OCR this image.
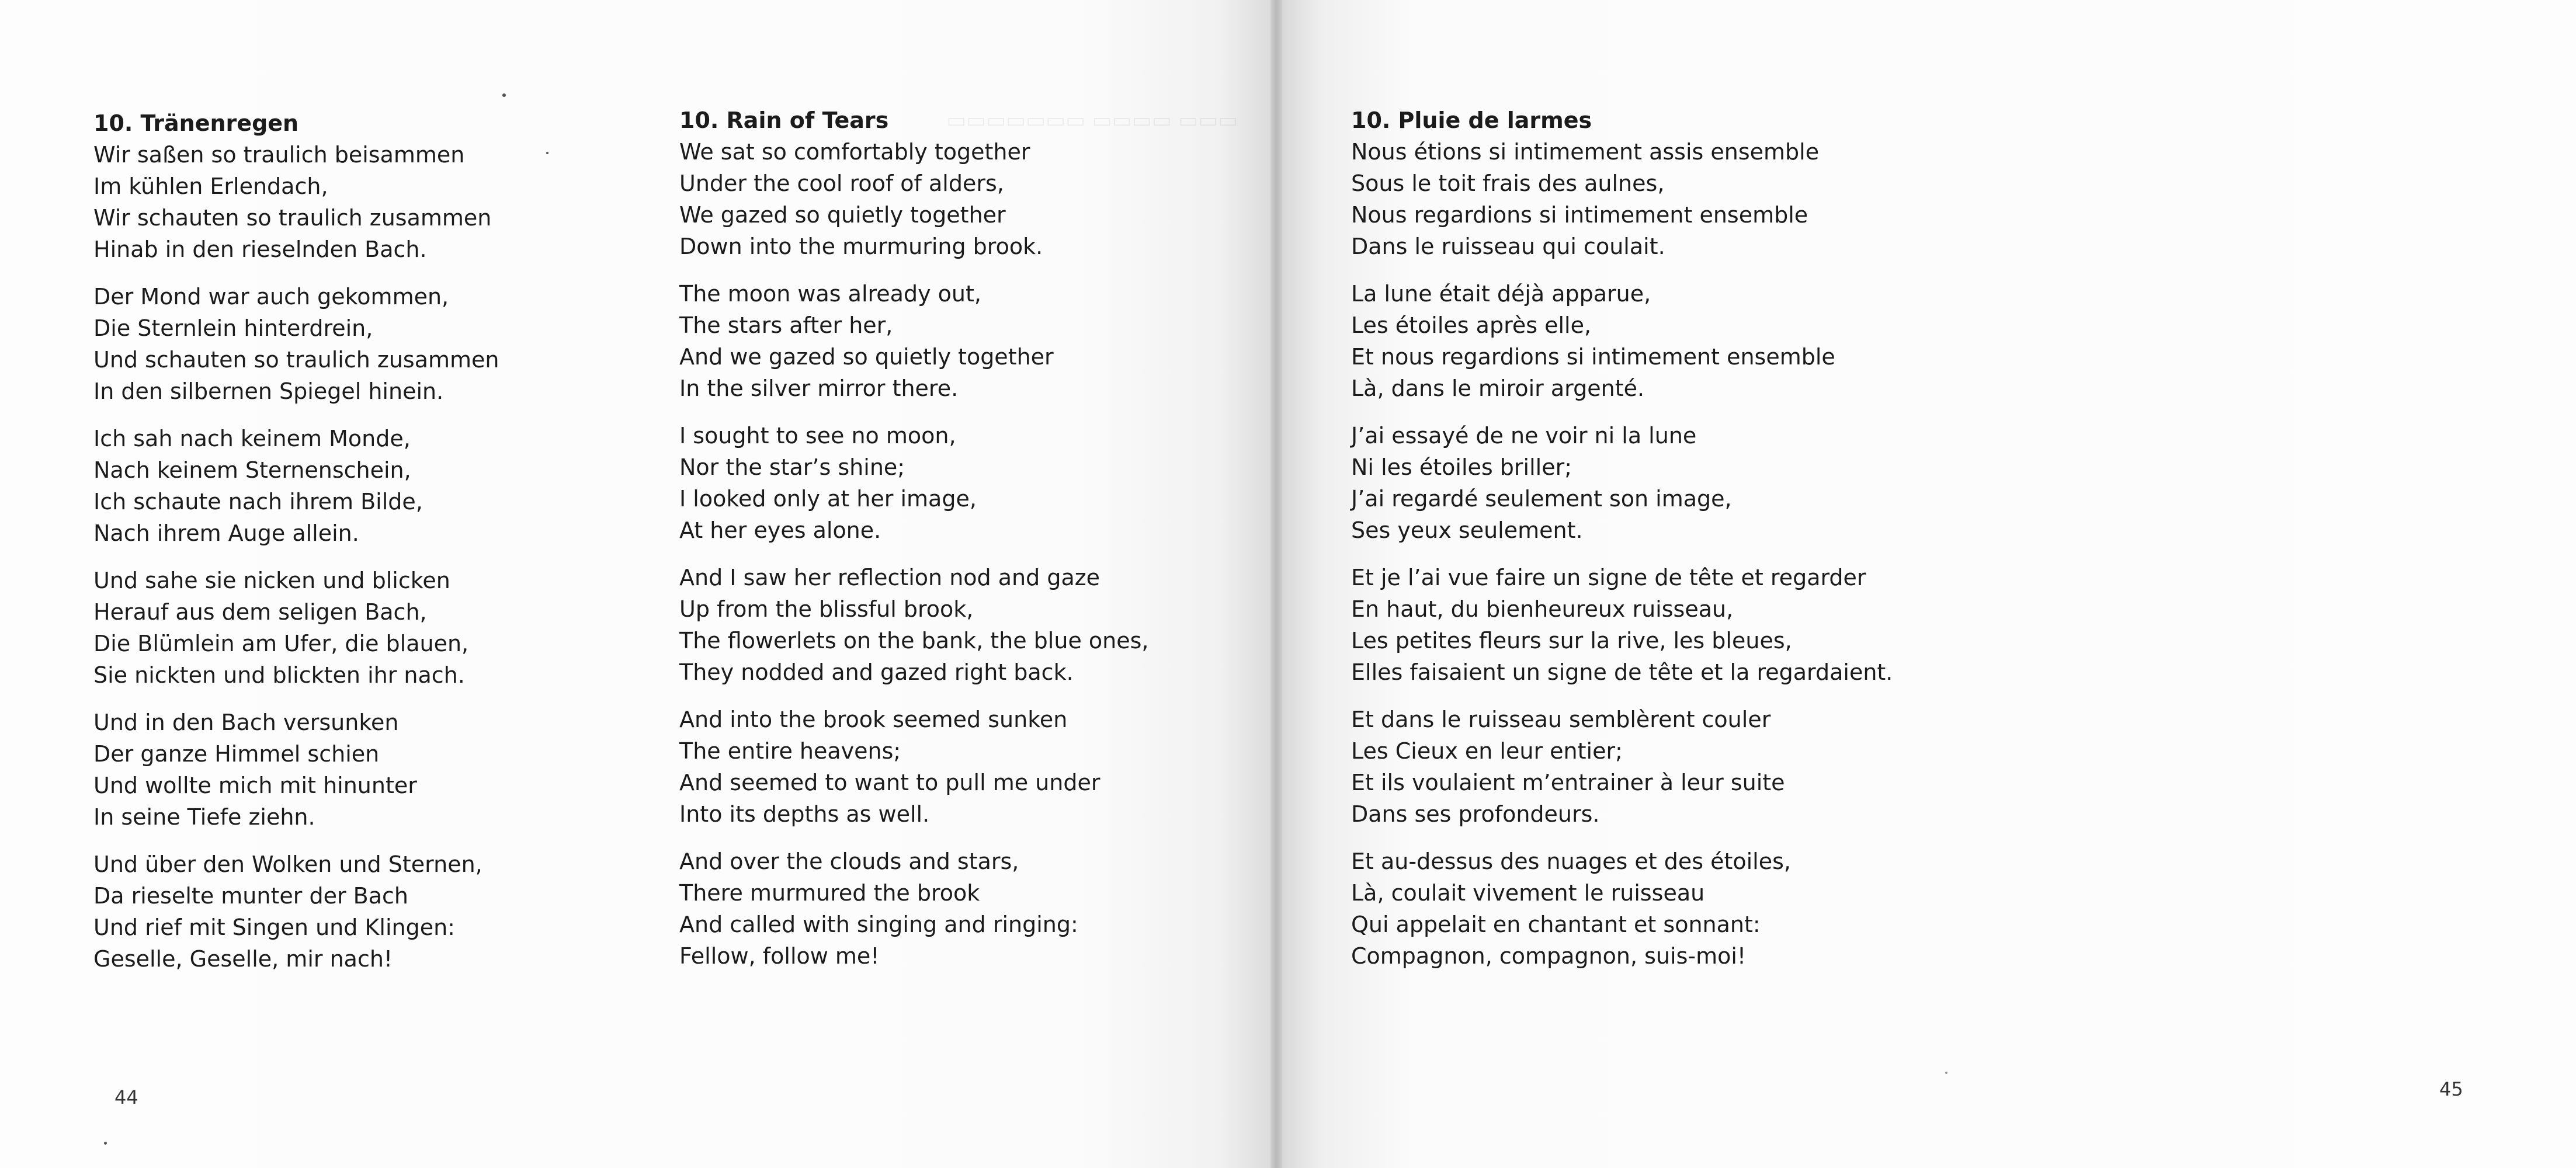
▭▭▭▭▭▭▭ ▭▭▭▭ ▭▭▭
10. Tränenregen
Wir saßen so traulich beisammen
Im kühlen Erlendach,
Wir schauten so traulich zusammen
Hinab in den rieselnden Bach.
Der Mond war auch gekommen,
Die Sternlein hinterdrein,
Und schauten so traulich zusammen
In den silbernen Spiegel hinein.
Ich sah nach keinem Monde,
Nach keinem Sternenschein,
Ich schaute nach ihrem Bilde,
Nach ihrem Auge allein.
Und sahe sie nicken und blicken
Herauf aus dem seligen Bach,
Die Blümlein am Ufer, die blauen,
Sie nickten und blickten ihr nach.
Und in den Bach versunken
Der ganze Himmel schien
Und wollte mich mit hinunter
In seine Tiefe ziehn.
Und über den Wolken und Sternen,
Da rieselte munter der Bach
Und rief mit Singen und Klingen:
Geselle, Geselle, mir nach!
10. Rain of Tears
We sat so comfortably together
Under the cool roof of alders,
We gazed so quietly together
Down into the murmuring brook.
The moon was already out,
The stars after her,
And we gazed so quietly together
In the silver mirror there.
I sought to see no moon,
Nor the star’s shine;
I looked only at her image,
At her eyes alone.
And I saw her reflection nod and gaze
Up from the blissful brook,
The flowerlets on the bank, the blue ones,
They nodded and gazed right back.
And into the brook seemed sunken
The entire heavens;
And seemed to want to pull me under
Into its depths as well.
And over the clouds and stars,
There murmured the brook
And called with singing and ringing:
Fellow, follow me!
44
10. Pluie de larmes
Nous étions si intimement assis ensemble
Sous le toit frais des aulnes,
Nous regardions si intimement ensemble
Dans le ruisseau qui coulait.
La lune était déjà apparue,
Les étoiles après elle,
Et nous regardions si intimement ensemble
Là, dans le miroir argenté.
J’ai essayé de ne voir ni la lune
Ni les étoiles briller;
J’ai regardé seulement son image,
Ses yeux seulement.
Et je l’ai vue faire un signe de tête et regarder
En haut, du bienheureux ruisseau,
Les petites fleurs sur la rive, les bleues,
Elles faisaient un signe de tête et la regardaient.
Et dans le ruisseau semblèrent couler
Les Cieux en leur entier;
Et ils voulaient m’entrainer à leur suite
Dans ses profondeurs.
Et au-dessus des nuages et des étoiles,
Là, coulait vivement le ruisseau
Qui appelait en chantant et sonnant:
Compagnon, compagnon, suis-moi!
45
